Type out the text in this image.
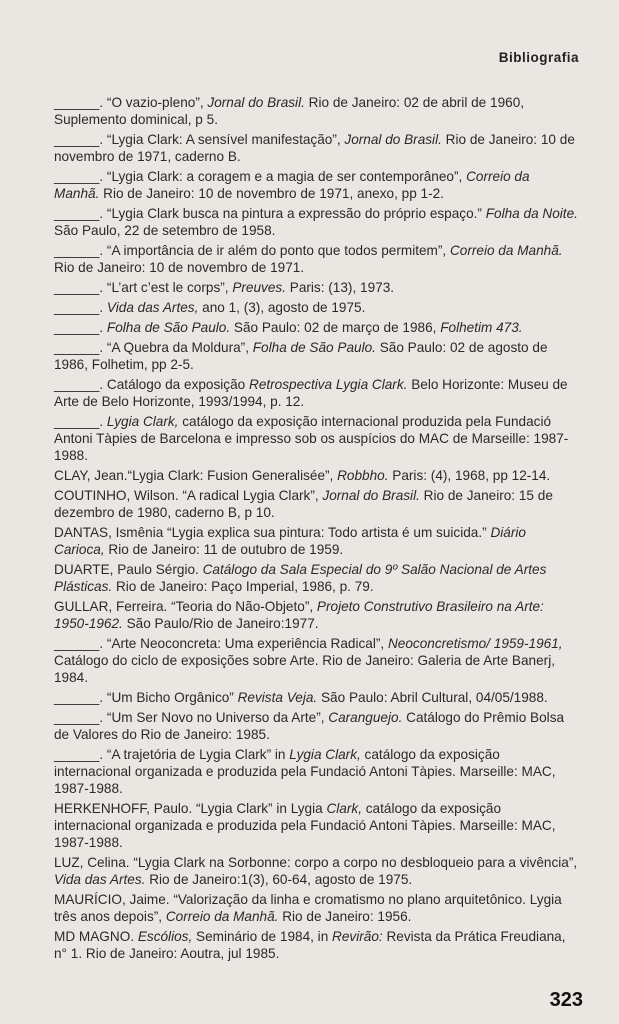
Bibliografia

______. “O vazio-pleno”, Jornal do Brasil. Rio de Janeiro: 02 de abril de 1960, Suplemento dominical, p 5.

______. “Lygia Clark: A sensível manifestação”, Jornal do Brasil. Rio de Janeiro: 10 de novembro de 1971, caderno B.

______. “Lygia Clark: a coragem e a magia de ser contemporâneo”, Correio da Manhã. Rio de Janeiro: 10 de novembro de 1971, anexo, pp 1-2.

______. “Lygia Clark busca na pintura a expressão do próprio espaço.” Folha da Noite. São Paulo, 22 de setembro de 1958.

______. “A importância de ir além do ponto que todos permitem”, Correio da Manhã. Rio de Janeiro: 10 de novembro de 1971.

______. “L’art c’est le corps”, Preuves. Paris: (13), 1973.

______. Vida das Artes, ano 1, (3), agosto de 1975.

______. Folha de São Paulo. São Paulo: 02 de março de 1986, Folhetim 473.

______. “A Quebra da Moldura”, Folha de São Paulo. São Paulo: 02 de agosto de 1986, Folhetim, pp 2-5.

______. Catálogo da exposição Retrospectiva Lygia Clark. Belo Horizonte: Museu de Arte de Belo Horizonte, 1993/1994, p. 12.

______. Lygia Clark, catálogo da exposição internacional produzida pela Fundació Antoni Tàpies de Barcelona e impresso sob os auspícios do MAC de Marseille: 1987-1988.

CLAY, Jean.“Lygia Clark: Fusion Generalisée”, Robbho. Paris: (4), 1968, pp 12-14.

COUTINHO, Wilson. “A radical Lygia Clark”, Jornal do Brasil. Rio de Janeiro: 15 de dezembro de 1980, caderno B, p 10.

DANTAS, Ismênia “Lygia explica sua pintura: Todo artista é um suicida.” Diário Carioca, Rio de Janeiro: 11 de outubro de 1959.

DUARTE, Paulo Sérgio. Catálogo da Sala Especial do 9º Salão Nacional de Artes Plásticas. Rio de Janeiro: Paço Imperial, 1986, p. 79.

GULLAR, Ferreira. “Teoria do Não-Objeto”, Projeto Construtivo Brasileiro na Arte: 1950-1962. São Paulo/Rio de Janeiro:1977.

______. “Arte Neoconcreta: Uma experiência Radical”, Neoconcretismo/ 1959-1961, Catálogo do ciclo de exposições sobre Arte. Rio de Janeiro: Galeria de Arte Banerj, 1984.

______. “Um Bicho Orgânico” Revista Veja. São Paulo: Abril Cultural, 04/05/1988.

______. “Um Ser Novo no Universo da Arte”, Caranguejo. Catálogo do Prêmio Bolsa de Valores do Rio de Janeiro: 1985.

______. “A trajetória de Lygia Clark” in Lygia Clark, catálogo da exposição internacional organizada e produzida pela Fundació Antoni Tàpies. Marseille: MAC, 1987-1988.

HERKENHOFF, Paulo. “Lygia Clark” in Lygia Clark, catálogo da exposição internacional organizada e produzida pela Fundació Antoni Tàpies. Marseille: MAC, 1987-1988.

LUZ, Celina. “Lygia Clark na Sorbonne: corpo a corpo no desbloqueio para a vivência”, Vida das Artes. Rio de Janeiro:1(3), 60-64, agosto de 1975.

MAURÍCIO, Jaime. “Valorização da linha e cromatismo no plano arquitetônico. Lygia três anos depois”, Correio da Manhã. Rio de Janeiro: 1956.

MD MAGNO. Escólios, Seminário de 1984, in Revirão: Revista da Prática Freudiana, n° 1. Rio de Janeiro: Aoutra, jul 1985.

323
